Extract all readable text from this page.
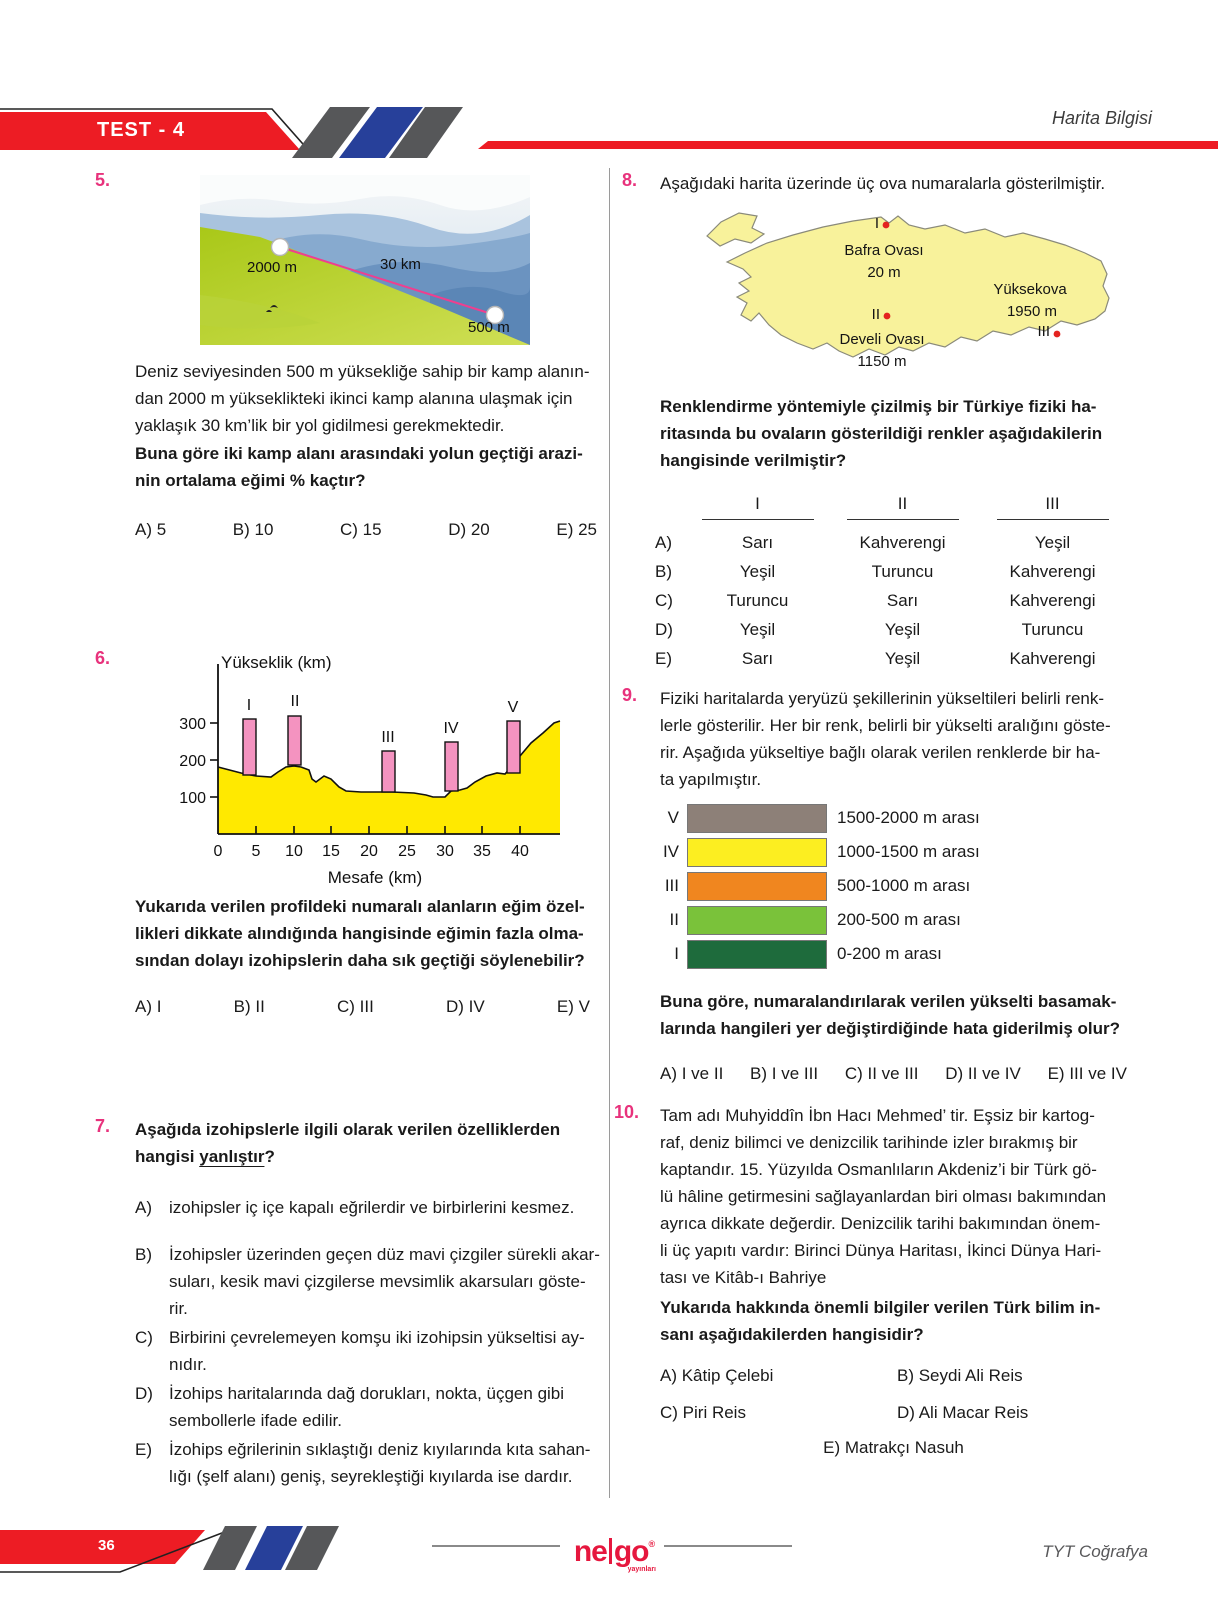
TEST - 4
Harita Bilgisi
5.
2000 m	30 km
500 m
Deniz seviyesinden 500 m yüksekliğe sahip bir kamp alanın-
dan 2000 m yükseklikteki ikinci kamp alanına ulaşmak için
yaklaşık 30 km’lik bir yol gidilmesi gerekmektedir.
Buna göre iki kamp alanı arasındaki yolun geçtiği arazi-
nin ortalama eğimi % kaçtır?
A) 5	B) 10	C) 15	D) 20	E) 25
6.
I II
III
IV
V
300
200
100
0 5 10 15 20 25 30 35 40
Yükseklik (km)
Mesafe (km)
Yukarıda verilen profildeki numaralı alanların eğim özel-
likleri dikkate alındığında hangisinde eğimin fazla olma-
sından dolayı izohipslerin daha sık geçtiği söylenebilir?
A) I	B) II	C) III	D) IV	E) V
7. Aşağıda izohipslerle ilgili olarak verilen özelliklerden
hangisi yanlıştır?
A)	izohipsler iç içe kapalı eğrilerdir ve birbirlerini kesmez.
B)	İzohipsler üzerinden geçen düz mavi çizgiler sürekli akar-
suları, kesik mavi çizgilerse mevsimlik akarsuları göste-
rir.
C) Birbirini çevrelemeyen komşu iki izohipsin yükseltisi ay-
nıdır.
D) İzohips haritalarında dağ dorukları, nokta, üçgen gibi
sembollerle ifade edilir.
E)	İzohips eğrilerinin sıklaştığı deniz kıyılarında kıta sahan-
lığı (şelf alanı) geniş, seyrekleştiği kıyılarda ise dardır.
8. Aşağıdaki harita üzerinde üç ova numaralarla gösterilmiştir.
I
Bafra Ovası
20 m
II
Develi Ovası
1150 m
Yüksekova
1950 m
III
Renklendirme yöntemiyle çizilmiş bir Türkiye fiziki ha-
ritasında bu ovaların gösterildiği renkler aşağıdakilerin
hangisinde verilmiştir?
I	II	III
A)	Sarı	Kahverengi	Yeşil
B)	Yeşil	Turuncu	Kahverengi
C)	Turuncu	Sarı	Kahverengi
D)	Yeşil	Yeşil	Turuncu
E)	Sarı	Yeşil	Kahverengi
9. Fiziki haritalarda yeryüzü şekillerinin yükseltileri belirli renk-
lerle gösterilir. Her bir renk, belirli bir yükselti aralığını göste-
rir. Aşağıda yükseltiye bağlı olarak verilen renklerde bir ha-
ta yapılmıştır.
V	1500-2000 m arası
IV	1000-1500 m arası
III	500-1000 m arası
II	200-500 m arası
I	0-200 m arası
Buna göre, numaralandırılarak verilen yükselti basamak-
larında hangileri yer değiştirdiğinde hata giderilmiş olur?
A) I ve II B) I ve III C) II ve III D) II ve IV E) III ve IV
10. Tam adı Muhyiddîn İbn Hacı Mehmed’ tir. Eşsiz bir kartog-
raf, deniz bilimci ve denizcilik tarihinde izler bırakmış bir
kaptandır. 15. Yüzyılda Osmanlıların Akdeniz’i bir Türk gö-
lü hâline getirmesini sağlayanlardan biri olması bakımından
ayrıca dikkate değerdir. Denizcilik tarihi bakımından önem-
li üç yapıtı vardır: Birinci Dünya Haritası, İkinci Dünya Hari-
tası ve Kitâb-ı Bahriye
Yukarıda hakkında önemli bilgiler verilen Türk bilim in-
sanı aşağıdakilerden hangisidir?
A) Kâtip Çelebi	B) Seydi Ali Reis
C) Piri Reis	D) Ali Macar Reis
E) Matrakçı Nasuh
36	ne go®
yayınları
TYT Coğrafya
